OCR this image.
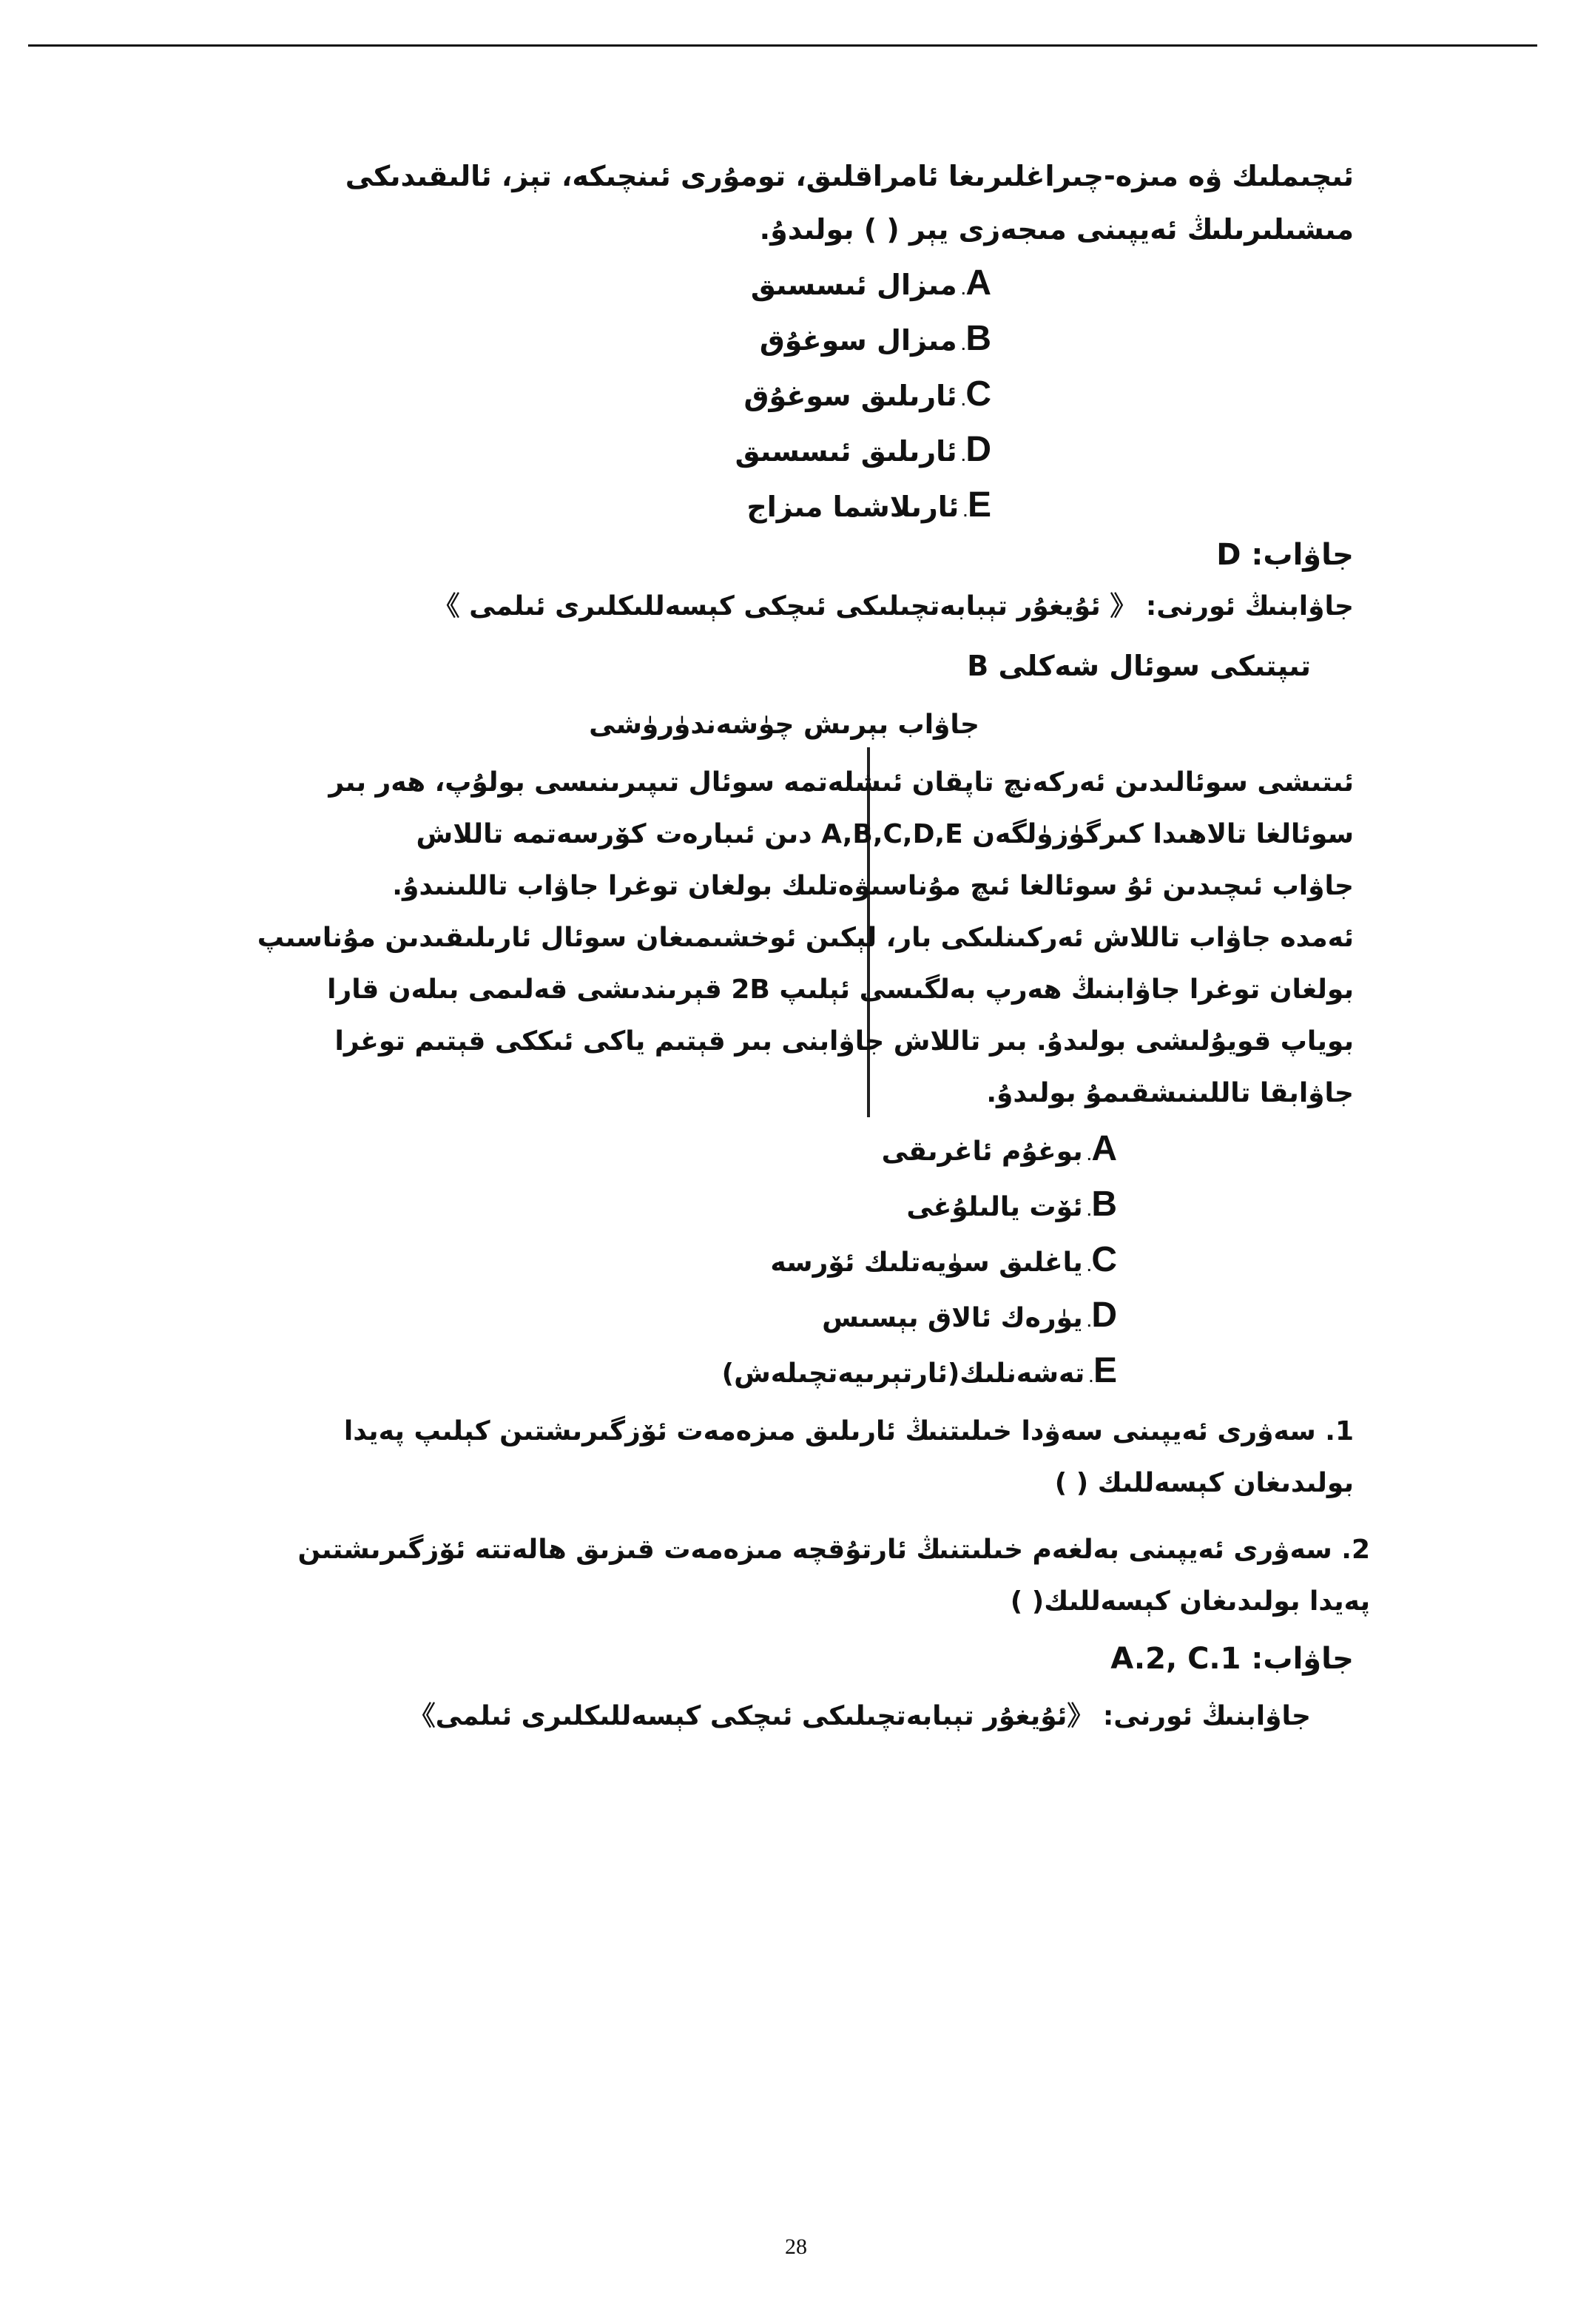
ئىچىملىك ۋە مىزە-چىراغلىرىغا ئامراقلىق، تومۇرى ئىنچىكە، تېز، ئالىقىدىكى
مىشىلىرىلىڭ ئەيپىنى مىجەزى يېر ( ) بولىدۇ.
مىزال ئىسسىق .A
مىزال سوغۇق .B
ئارىلىق سوغۇق .C
ئارىلىق ئىسسىق .D
ئارىلاشما مىزاج .E
جاۋاب: D
جاۋابنىڭ ئورنى: 《 ئۇيغۇر تېبابەتچىلىكى ئىچكى كېسەللىكلىرى ئىلمى 》
B تىپتىكى سوئال شەكلى
جاۋاب بېرىش چۈشەندۈرۈشى
ئىتىشى سوئالىدىن ئەركەنچ تاپقان ئىشلەتمە سوئال تىپىرىنىسى بولۇپ، ھەر بىر
سوئالغا تالاھىدا كىرگۈزۈلگەن A,B,C,D,E دىن ئىبارەت كۆرسەتمە تاللاش
جاۋاب ئىچىدىن ئۇ سوئالغا ئىچ مۇناسىۋەتلىك بولغان توغرا جاۋاب تاللىنىدۇ.
ئەمدە جاۋاب تاللاش ئەركىنلىكى بار، لېكىن ئوخشىمىغان سوئال ئارىلىقىدىن مۇناسىپ
بولغان توغرا جاۋابنىڭ ھەرپ بەلگىسى ئېلىپ 2B قېرىندىشى قەلىمى بىلەن قارا
بوياپ قويۇلىشى بولىدۇ. بىر تاللاش جاۋابنى بىر قېتىم ياكى ئىككى قېتىم توغرا
جاۋابقا تاللىنىشقىمۇ بولىدۇ.
بوغۇم ئاغرىقى .A
ئۆت يالىلۇغى .B
ياغلىق سۈيەتلىك ئۆرسە .C
يۈرەك ئالاق بېسىس .D
تەشەنلىك(ئارتېرىيەتچىلەش) .E
1. سەۋرى ئەيپىنى سەۋدا خىلىتنىڭ ئارىلىق مىزەمەت ئۆزگىرىشتىن كېلىپ پەيدا
بولىدىغان كېسەللىك ( )
2. سەۋرى ئەيپىنى بەلغەم خىلىتنىڭ ئارتۇقچە مىزەمەت قىزىق ھالەتتە ئۆزگىرىشتىن
پەيدا بولىدىغان كېسەللىك( )
جاۋاب: A.2, C.1
جاۋابنىڭ ئورنى: 《ئۇيغۇر تېبابەتچىلىكى ئىچكى كېسەللىكلىرى ئىلمى》
28
